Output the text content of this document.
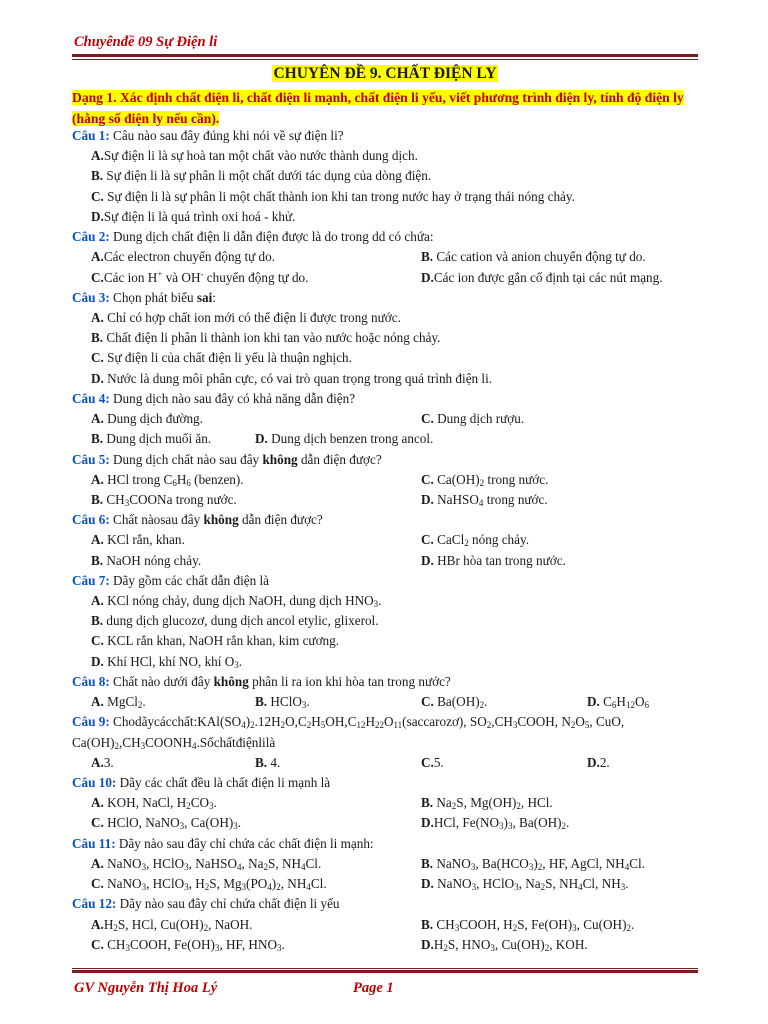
Chuyênđề 09 Sự Điện li
CHUYÊN ĐỀ 9. CHẤT ĐIỆN LY
Dạng 1. Xác định chất điện li, chất điện li mạnh, chất điện li yếu, viết phương trình điện ly, tính độ điện ly (hằng số điện ly nếu cần).
Câu 1: Câu nào sau đây đúng khi nói về sự điện li?
A.Sự điện li là sự hoà tan một chất vào nước thành dung dịch.
B. Sự điện li là sự phân li một chất dưới tác dụng của dòng điện.
C. Sự điện li là sự phân li một chất thành ion khi tan trong nước hay ở trạng thái nóng chảy.
D.Sự điện li là quá trình oxi hoá - khử.
Câu 2: Dung dịch chất điện li dẫn điện được là do trong dd có chứa:
A.Các electron chuyển động tự do.	B. Các cation và anion chuyển động tự do.
C.Các ion H+ và OH- chuyển động tự do.	D.Các ion được gắn cố định tại các nút mạng.
Câu 3: Chọn phát biểu sai:
A. Chỉ có hợp chất ion mới có thể điện li được trong nước.
B. Chất điện li phân li thành ion khi tan vào nước hoặc nóng chảy.
C. Sự điện li của chất điện li yếu là thuận nghịch.
D. Nước là dung môi phân cực, có vai trò quan trọng trong quá trình điện li.
Câu 4: Dung dịch nào sau đây có khả năng dẫn điện?
A. Dung dịch đường.	C. Dung dịch rượu.
B. Dung dịch muối ăn.	D. Dung dịch benzen trong ancol.
Câu 5: Dung dịch chất nào sau đây không dẫn điện được?
A. HCl trong $C_6H_6$ (benzen).	C. $Ca(OH)_2$ trong nước.
B. $CH_3COONa$ trong nước.	D. NaHSO$_4$ trong nước.
Câu 6: Chất nàosau đây không dẫn điện được?
A. KCl rắn, khan.	C. CaCl$_2$ nóng chảy.
B. NaOH nóng chảy.	D. HBr hòa tan trong nước.
Câu 7: Dãy gồm các chất dẫn điện là
A. KCl nóng chảy, dung dịch NaOH, dung dịch $HNO_3$.
B. dung dịch glucozơ, dung dịch ancol etylic, glixerol.
C. KCL rắn khan, NaOH rắn khan, kim cương.
D. Khí HCl, khí NO, khí $O_3$.
Câu 8: Chất nào dưới đây không phân li ra ion khi hòa tan trong nước?
A. MgCl$_2$.	B. HClO$_3$.	C. $Ba(OH)_2$.	D. $C_6H_{12}O_6$
Câu 9: $Chodãycácchất:KAl(SO_4)_2.12H_2O,C_2H_5OH,C_{12}H_{22}O_{11}(saccarozơ)$, $SO_2,CH_3COOH$, $N_2O_5$, CuO,
$Ca(OH)_2,CH_3COONH_4.Sốchấtđiệnlilà$
A.3.	B. 4.	C.5.	D.2.
Câu 10: Dãy các chất đều là chất điện li mạnh là
A. KOH, NaCl, $H_2CO_3$.	B. $Na_2S$, $Mg(OH)_2$, HCl.
C. HClO, NaNO$_3$, $Ca(OH)_3$.	D.HCl, $Fe(NO_3)_3$, $Ba(OH)_2$.
Câu 11: Dãy nào sau đây chỉ chứa các chất điện li mạnh:
A. NaNO$_3$, HClO$_3$, NaHSO$_4$, $Na_2S$, $NH_4Cl$.	B. NaNO$_3$, $Ba(HCO_3)_2$, HF, AgCl, $NH_4Cl$.
C. NaNO$_3$, HClO$_3$, $H_2S$, $Mg_3(PO_4)_2$, $NH_4Cl$.	D. NaNO$_3$, HClO$_3$, $Na_2S$, $NH_4Cl$, $NH_3$.
Câu 12: Dãy nào sau đây chỉ chứa chất điện li yếu
$A.H_2S$, HCl, $Cu(OH)_2$, NaOH.	B. $CH_3COOH$, $H_2S$, $Fe(OH)_3$, $Cu(OH)_2$.
C. $CH_3COOH$, $Fe(OH)_3$, HF, $HNO_3$.	$D.H_2S$, $HNO_3$, $Cu(OH)_2$, KOH.
GV Nguyễn Thị Hoa Lý	Page 1
